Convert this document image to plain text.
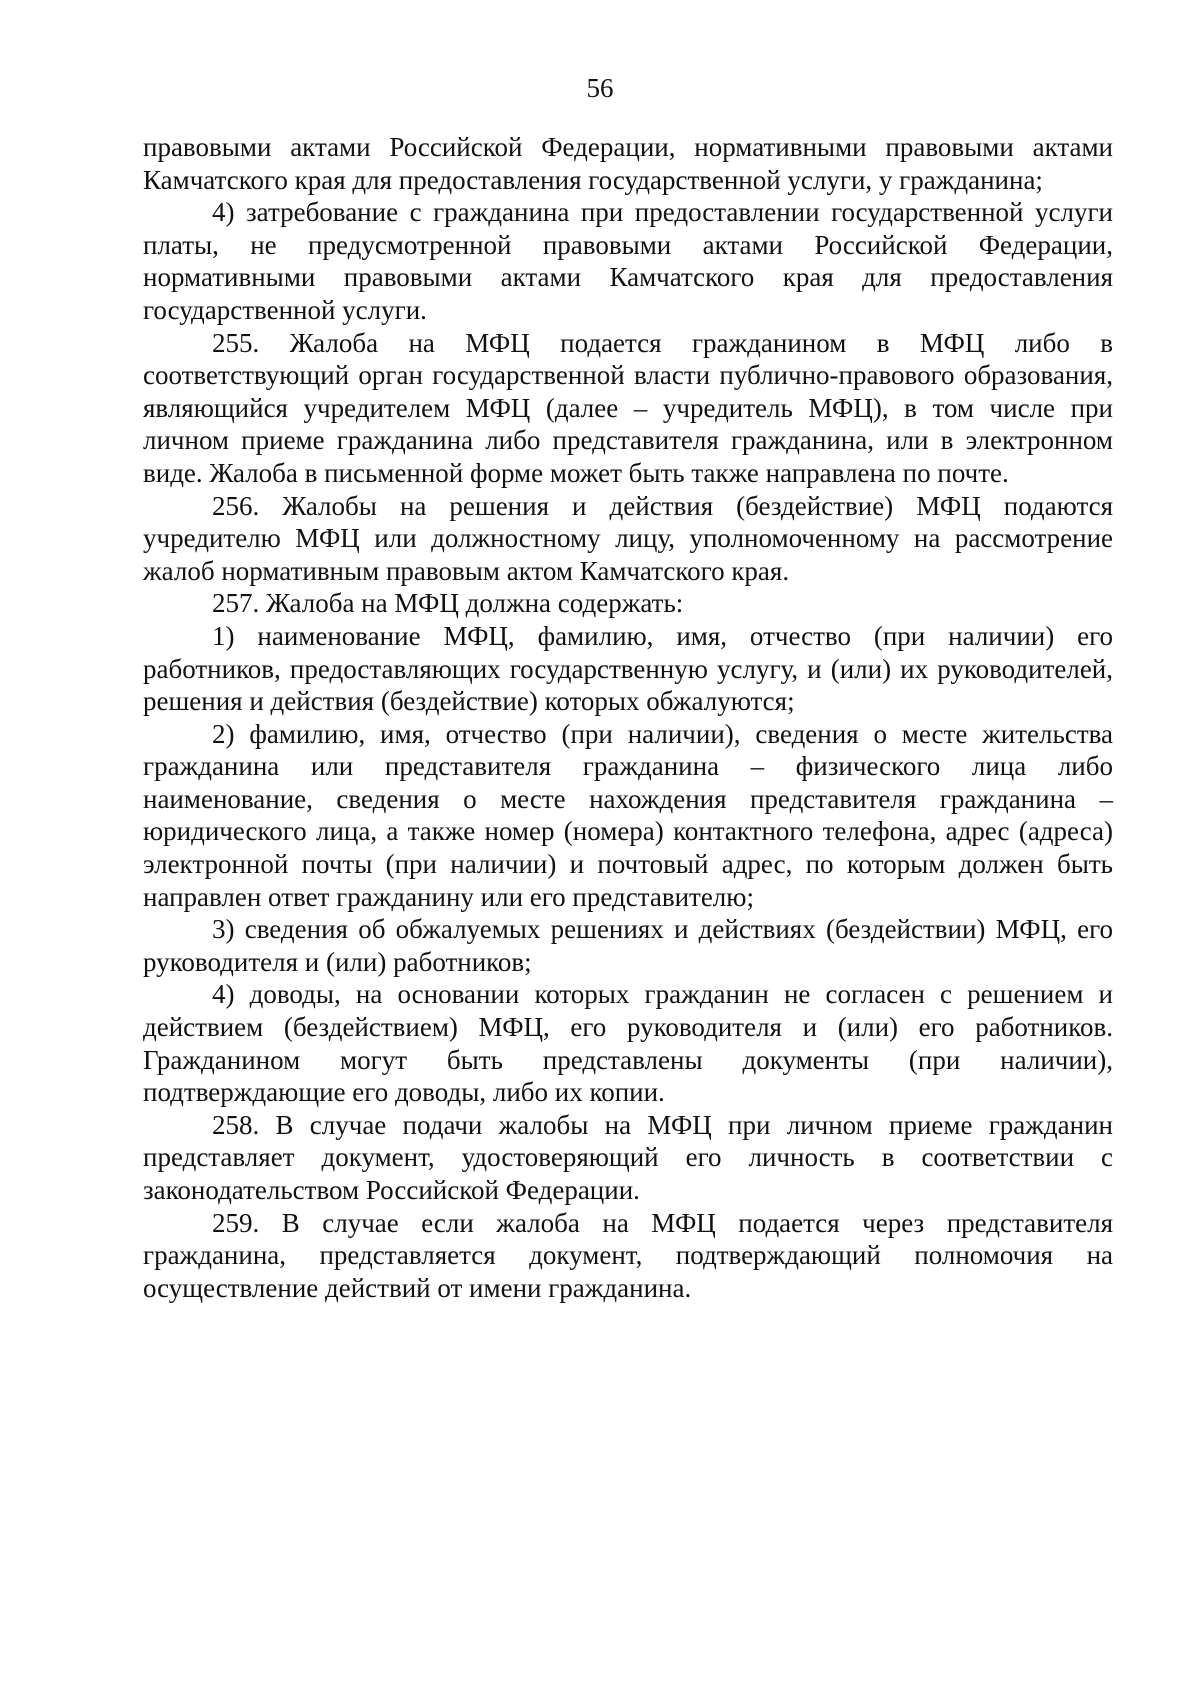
56

правовыми актами Российской Федерации, нормативными правовыми актами Камчатского края для предоставления государственной услуги, у гражданина;

4) затребование с гражданина при предоставлении государственной услуги платы, не предусмотренной правовыми актами Российской Федерации, нормативными правовыми актами Камчатского края для предоставления государственной услуги.

255. Жалоба на МФЦ подается гражданином в МФЦ либо в соответствующий орган государственной власти публично-правового образования, являющийся учредителем МФЦ (далее – учредитель МФЦ), в том числе при личном приеме гражданина либо представителя гражданина, или в электронном виде. Жалоба в письменной форме может быть также направлена по почте.

256. Жалобы на решения и действия (бездействие) МФЦ подаются учредителю МФЦ или должностному лицу, уполномоченному на рассмотрение жалоб нормативным правовым актом Камчатского края.

257. Жалоба на МФЦ должна содержать:

1) наименование МФЦ, фамилию, имя, отчество (при наличии) его работников, предоставляющих государственную услугу, и (или) их руководителей, решения и действия (бездействие) которых обжалуются;

2) фамилию, имя, отчество (при наличии), сведения о месте жительства гражданина или представителя гражданина – физического лица либо наименование, сведения о месте нахождения представителя гражданина – юридического лица, а также номер (номера) контактного телефона, адрес (адреса) электронной почты (при наличии) и почтовый адрес, по которым должен быть направлен ответ гражданину или его представителю;

3) сведения об обжалуемых решениях и действиях (бездействии) МФЦ, его руководителя и (или) работников;

4) доводы, на основании которых гражданин не согласен с решением и действием (бездействием) МФЦ, его руководителя и (или) его работников. Гражданином могут быть представлены документы (при наличии), подтверждающие его доводы, либо их копии.

258. В случае подачи жалобы на МФЦ при личном приеме гражданин представляет документ, удостоверяющий его личность в соответствии с законодательством Российской Федерации.

259. В случае если жалоба на МФЦ подается через представителя гражданина, представляется документ, подтверждающий полномочия на осуществление действий от имени гражданина.
